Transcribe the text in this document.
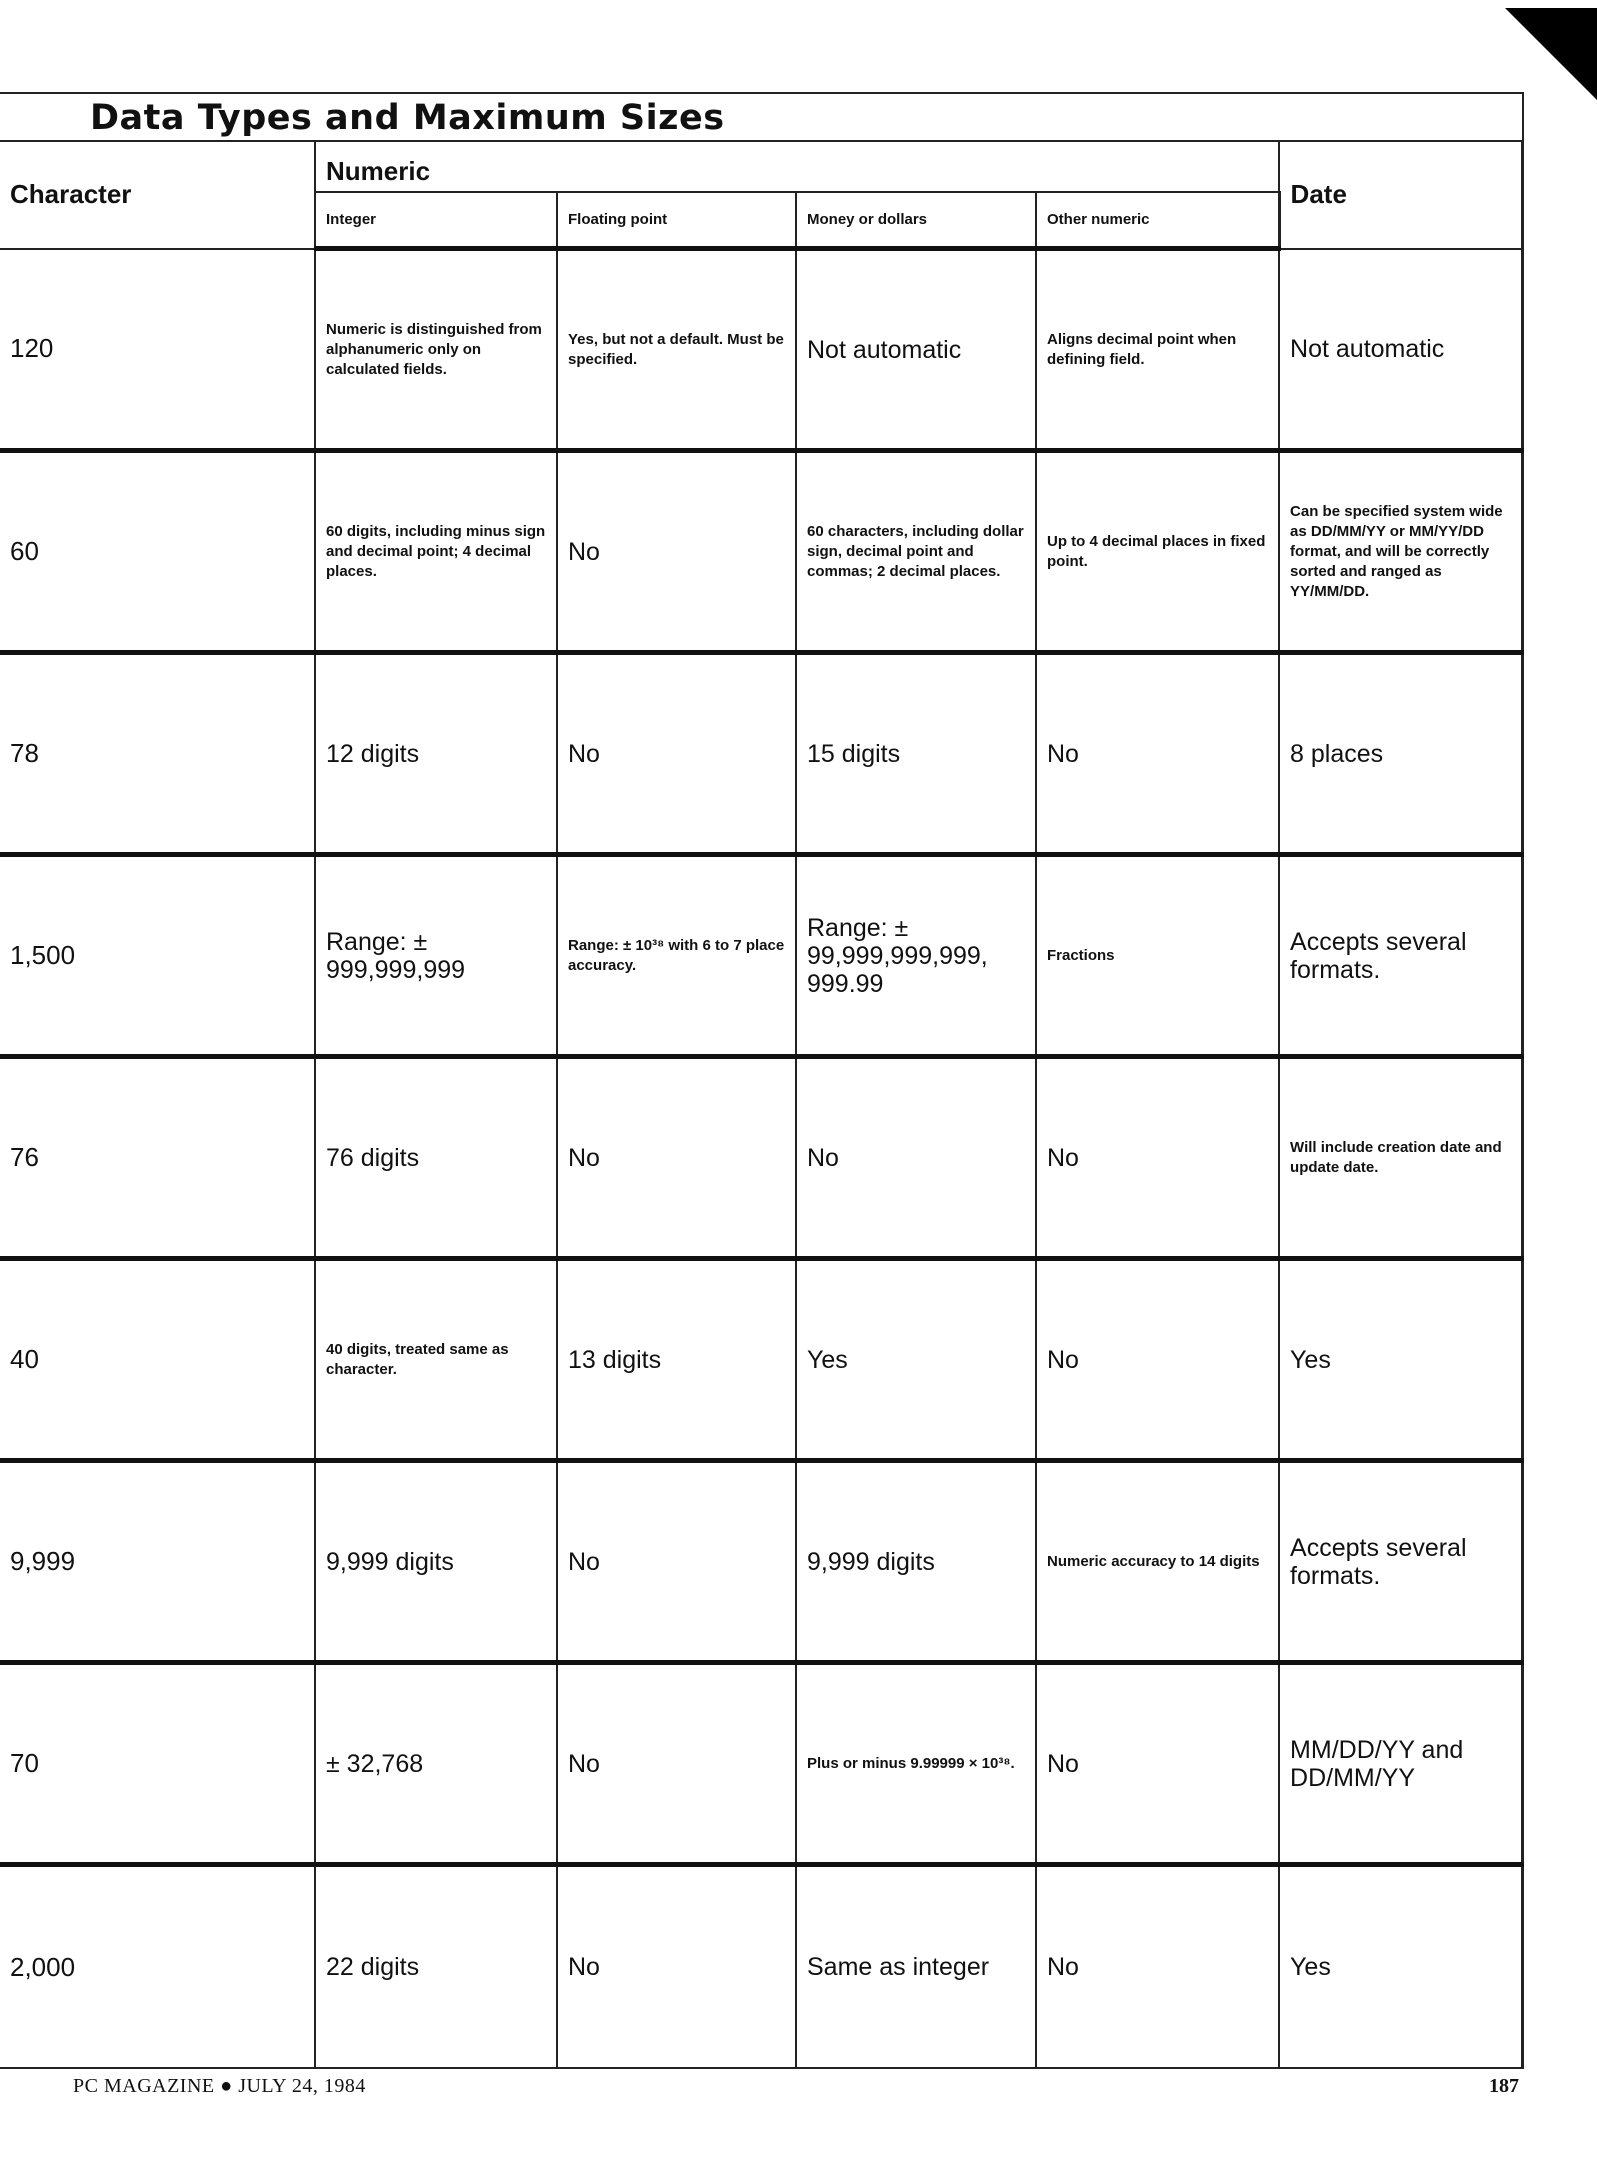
Data Types and Maximum Sizes
Character	Numeric				Date
	Integer	Floating point	Money or dollars	Other numeric	
120	Numeric is distinguished from alphanumeric only on calculated fields.	Yes, but not a default. Must be specified.	Not automatic	Aligns decimal point when defining field.	Not automatic
60	60 digits, including minus sign and decimal point; 4 decimal places.	No	60 characters, including dollar sign, decimal point and commas; 2 decimal places.	Up to 4 decimal places in fixed point.	Can be specified system wide as DD/MM/YY or MM/YY/DD format, and will be correctly sorted and ranged as YY/MM/DD.
78	12 digits	No	15 digits	No	8 places
1,500	Range: ± 999,999,999	Range: ± 10³⁸ with 6 to 7 place accuracy.	Range: ± 99,999,999,999, 999.99	Fractions	Accepts several formats.
76	76 digits	No	No	No	Will include creation date and update date.
40	40 digits, treated same as character.	13 digits	Yes	No	Yes
9,999	9,999 digits	No	9,999 digits	Numeric accuracy to 14 digits	Accepts several formats.
70	± 32,768	No	Plus or minus 9.99999 × 10³⁸.	No	MM/DD/YY and DD/MM/YY
2,000	22 digits	No	Same as integer	No	Yes
PC MAGAZINE ● JULY 24, 1984	187
